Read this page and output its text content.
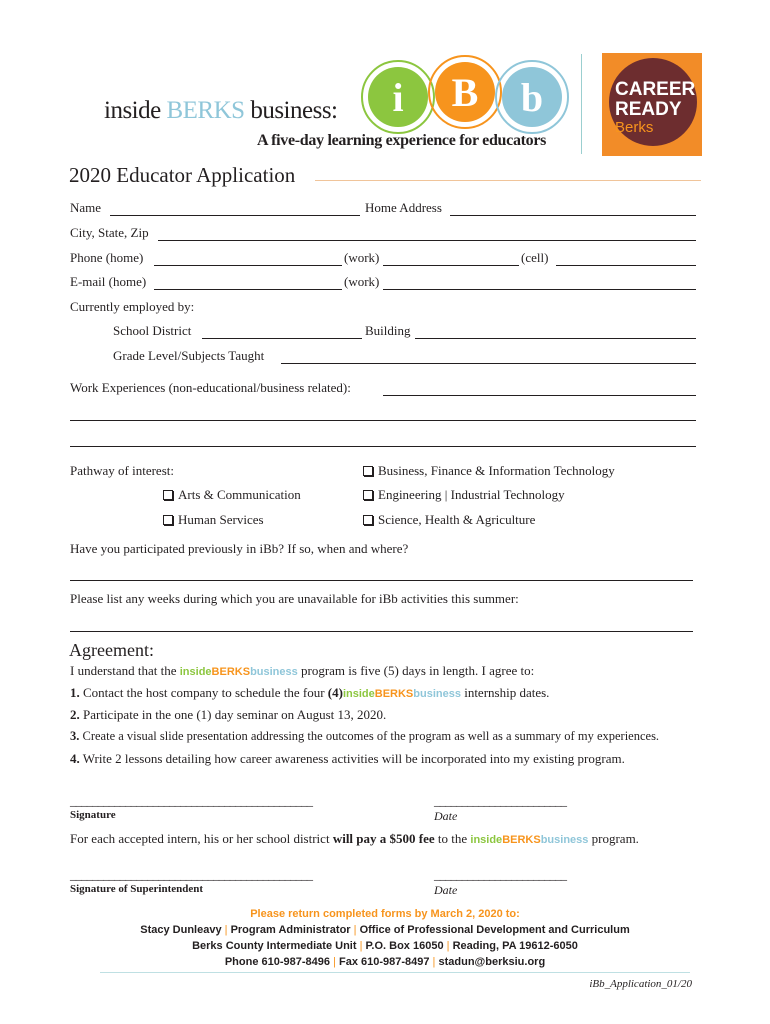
inside BERKS business:	i	B	b
A five-day learning experience for educators
CAREER
READY
Berks
2020 Educator Application
Name	Home Address
City, State, Zip
Phone (home)	(work)	(cell)
E-mail (home)	(work)
Currently employed by:
School District	Building
Grade Level/Subjects Taught
Work Experiences (non-educational/business related):
Pathway of interest:	Business, Finance & Information Technology
Arts & Communication	Engineering | Industrial Technology
Human Services	Science, Health & Agriculture
Have you participated previously in iBb? If so, when and where?
Please list any weeks during which you are unavailable for iBb activities this summer:
Agreement:
I understand that the insideBERKSbusiness program is five (5) days in length. I agree to:
1. Contact the host company to schedule the four (4)insideBERKSbusiness internship dates.
2. Participate in the one (1) day seminar on August 13, 2020.
3. Create a visual slide presentation addressing the outcomes of the program as well as a summary of my experiences.
4. Write 2 lessons detailing how career awareness activities will be incorporated into my existing program.
____________________________________________	________________________
Signature	Date
For each accepted intern, his or her school district will pay a $500 fee to the insideBERKSbusiness program.
____________________________________________	________________________
Signature of Superintendent	Date
Please return completed forms by March 2, 2020 to:
Stacy Dunleavy | Program Administrator | Office of Professional Development and Curriculum
Berks County Intermediate Unit | P.O. Box 16050 | Reading, PA 19612-6050
Phone 610-987-8496 | Fax 610-987-8497 | stadun@berksiu.org
iBb_Application_01/20
